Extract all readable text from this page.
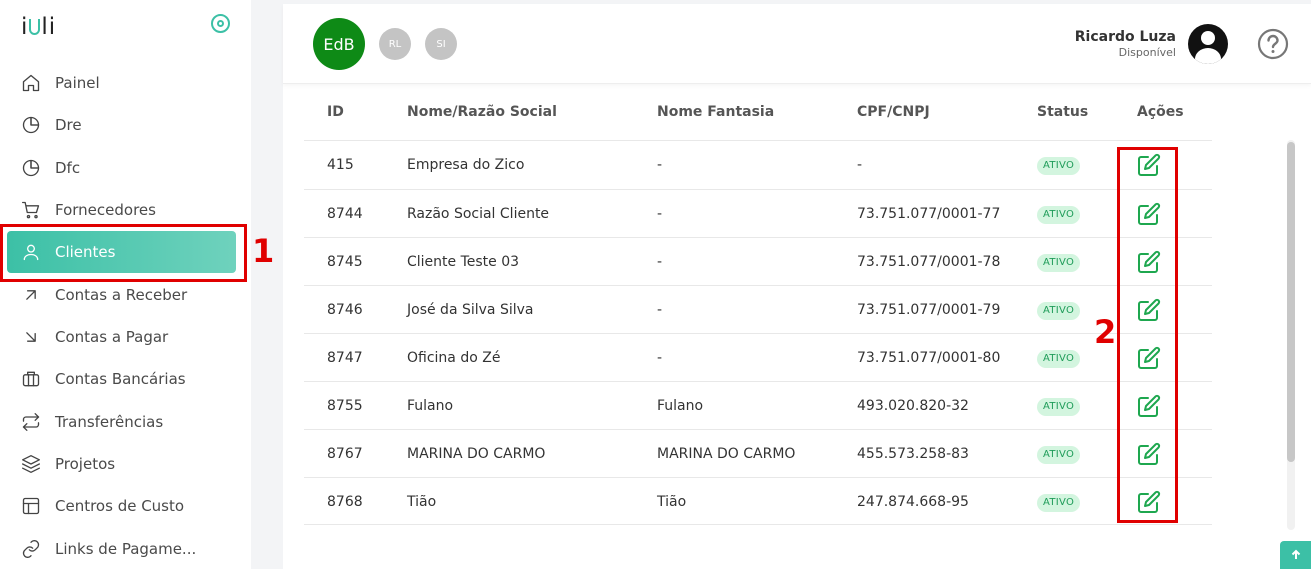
i li
Painel
Dre
Dfc
Fornecedores
Clientes
Contas a Receber
Contas a Pagar
Contas Bancárias
Transferências
Projetos
Centros de Custo
Links de Pagame...
1
EdB	RL	SI	Ricardo Luza
Disponível
ID	Nome/Razão Social	Nome Fantasia	CPF/CNPJ	Status	Ações
415	Empresa do Zico	-	-	ATIVO
8744	Razão Social Cliente	-	73.751.077/0001-77	ATIVO
8745	Cliente Teste 03	-	73.751.077/0001-78	ATIVO
8746	José da Silva Silva	-	73.751.077/0001-79	ATIVO
8747	Oficina do Zé	-	73.751.077/0001-80	ATIVO
8755	Fulano	Fulano	493.020.820-32	ATIVO
8767	MARINA DO CARMO	MARINA DO CARMO	455.573.258-83	ATIVO
8768	Tião	Tião	247.874.668-95	ATIVO
2
